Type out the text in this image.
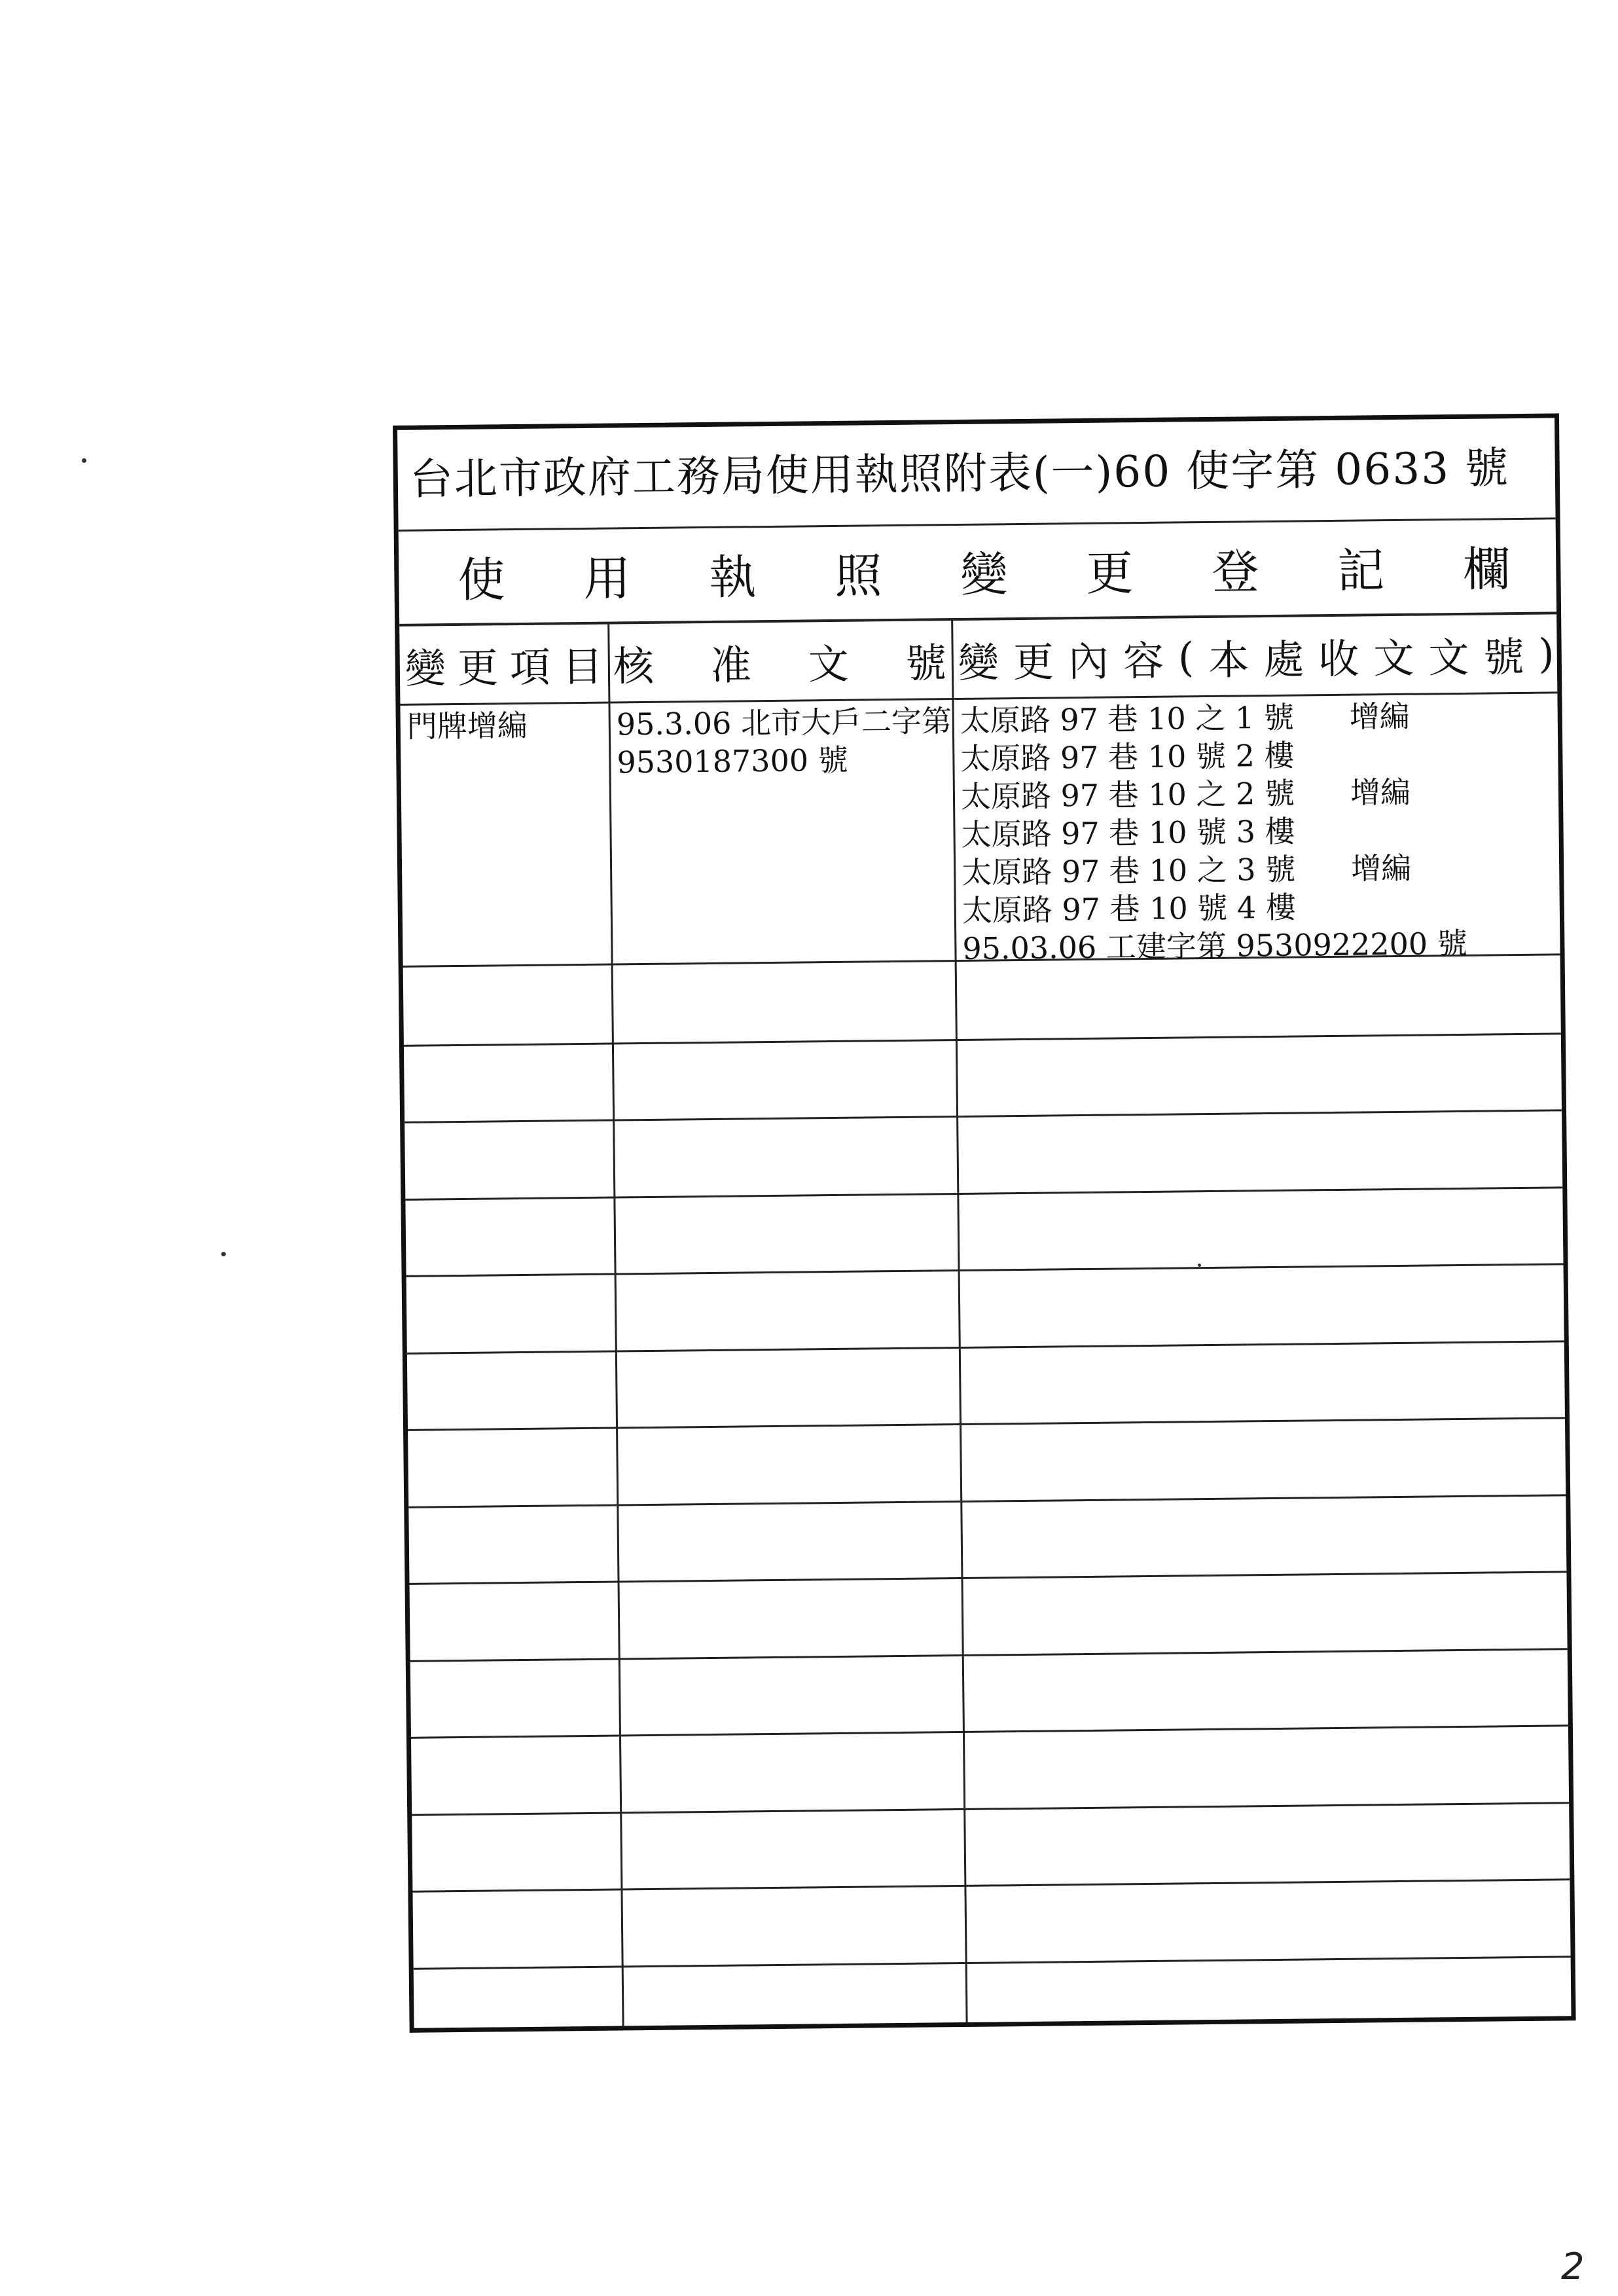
台北市政府工務局使用執照附表(一)60 使字第 0633 號
使 用 執 照 變 更 登 記 欄
變 更 項 目 核 准 文 號 變 更 內 容 ( 本 處 收 文 文 號 )
門牌增編	95.3.06 北市大戶二字第
9530187300 號
太原路 97 巷 10 之 1 號 增編
太原路 97 巷 10 號 2 樓
太原路 97 巷 10 之 2 號 增編
太原路 97 巷 10 號 3 樓
太原路 97 巷 10 之 3 號 增編
太原路 97 巷 10 號 4 樓
95.03.06 工建字第 9530922200 號
2
